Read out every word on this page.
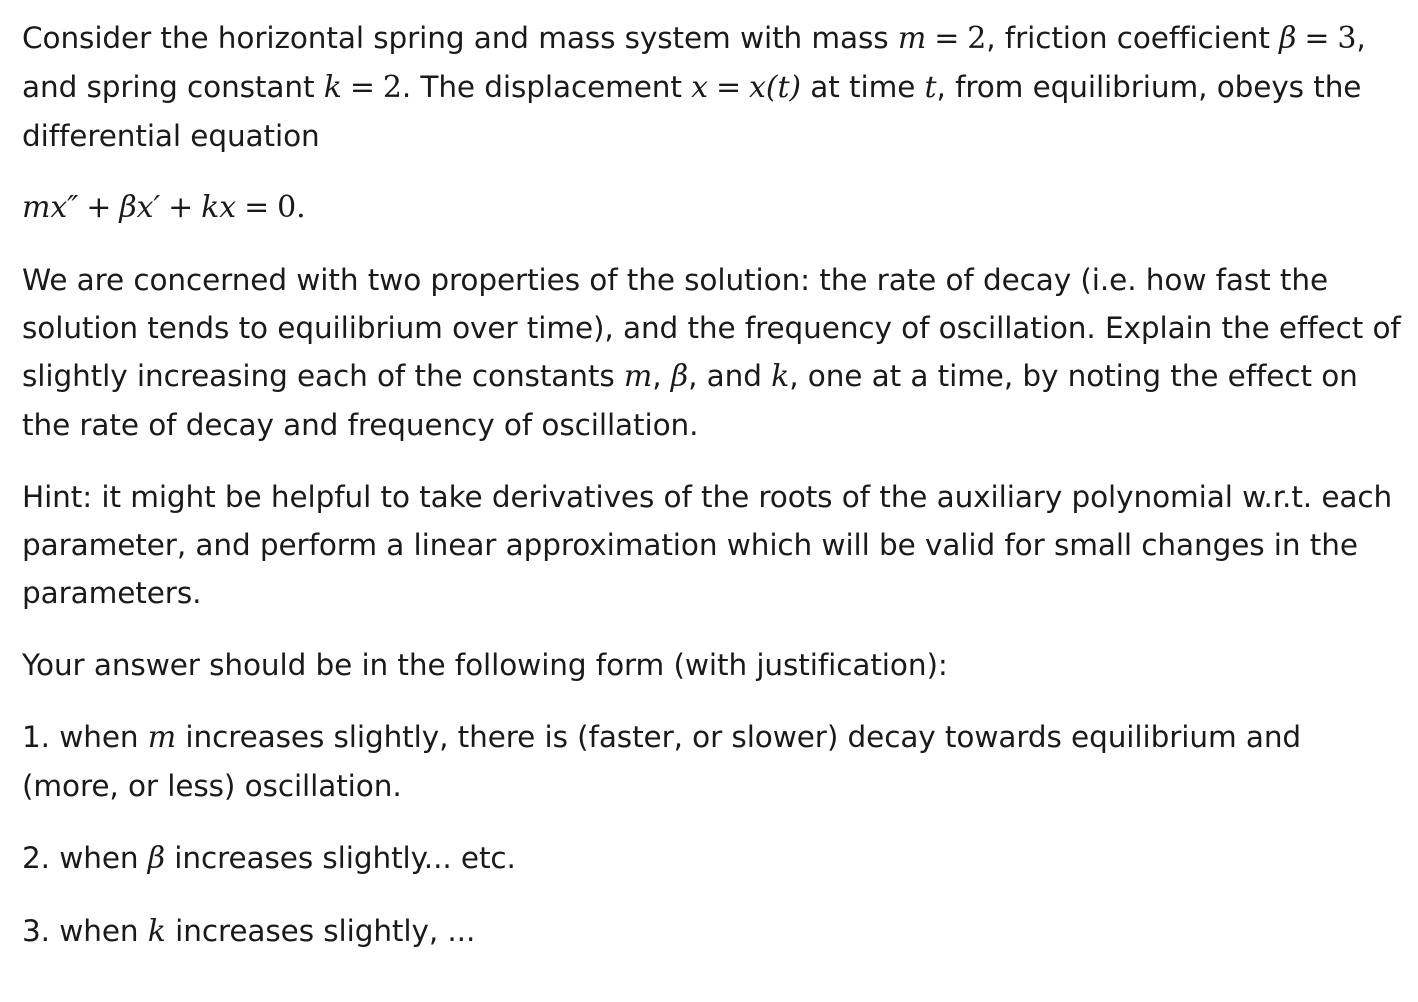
Consider the horizontal spring and mass system with mass m = 2, friction coefficient β = 3, and spring constant k = 2. The displacement x = x(t) at time t, from equilibrium, obeys the differential equation

mx″ + βx′ + kx = 0.

We are concerned with two properties of the solution: the rate of decay (i.e. how fast the solution tends to equilibrium over time), and the frequency of oscillation. Explain the effect of slightly increasing each of the constants m, β, and k, one at a time, by noting the effect on the rate of decay and frequency of oscillation.

Hint: it might be helpful to take derivatives of the roots of the auxiliary polynomial w.r.t. each parameter, and perform a linear approximation which will be valid for small changes in the parameters.

Your answer should be in the following form (with justification):

1. when m increases slightly, there is (faster, or slower) decay towards equilibrium and (more, or less) oscillation.

2. when β increases slightly... etc.

3. when k increases slightly, ...
